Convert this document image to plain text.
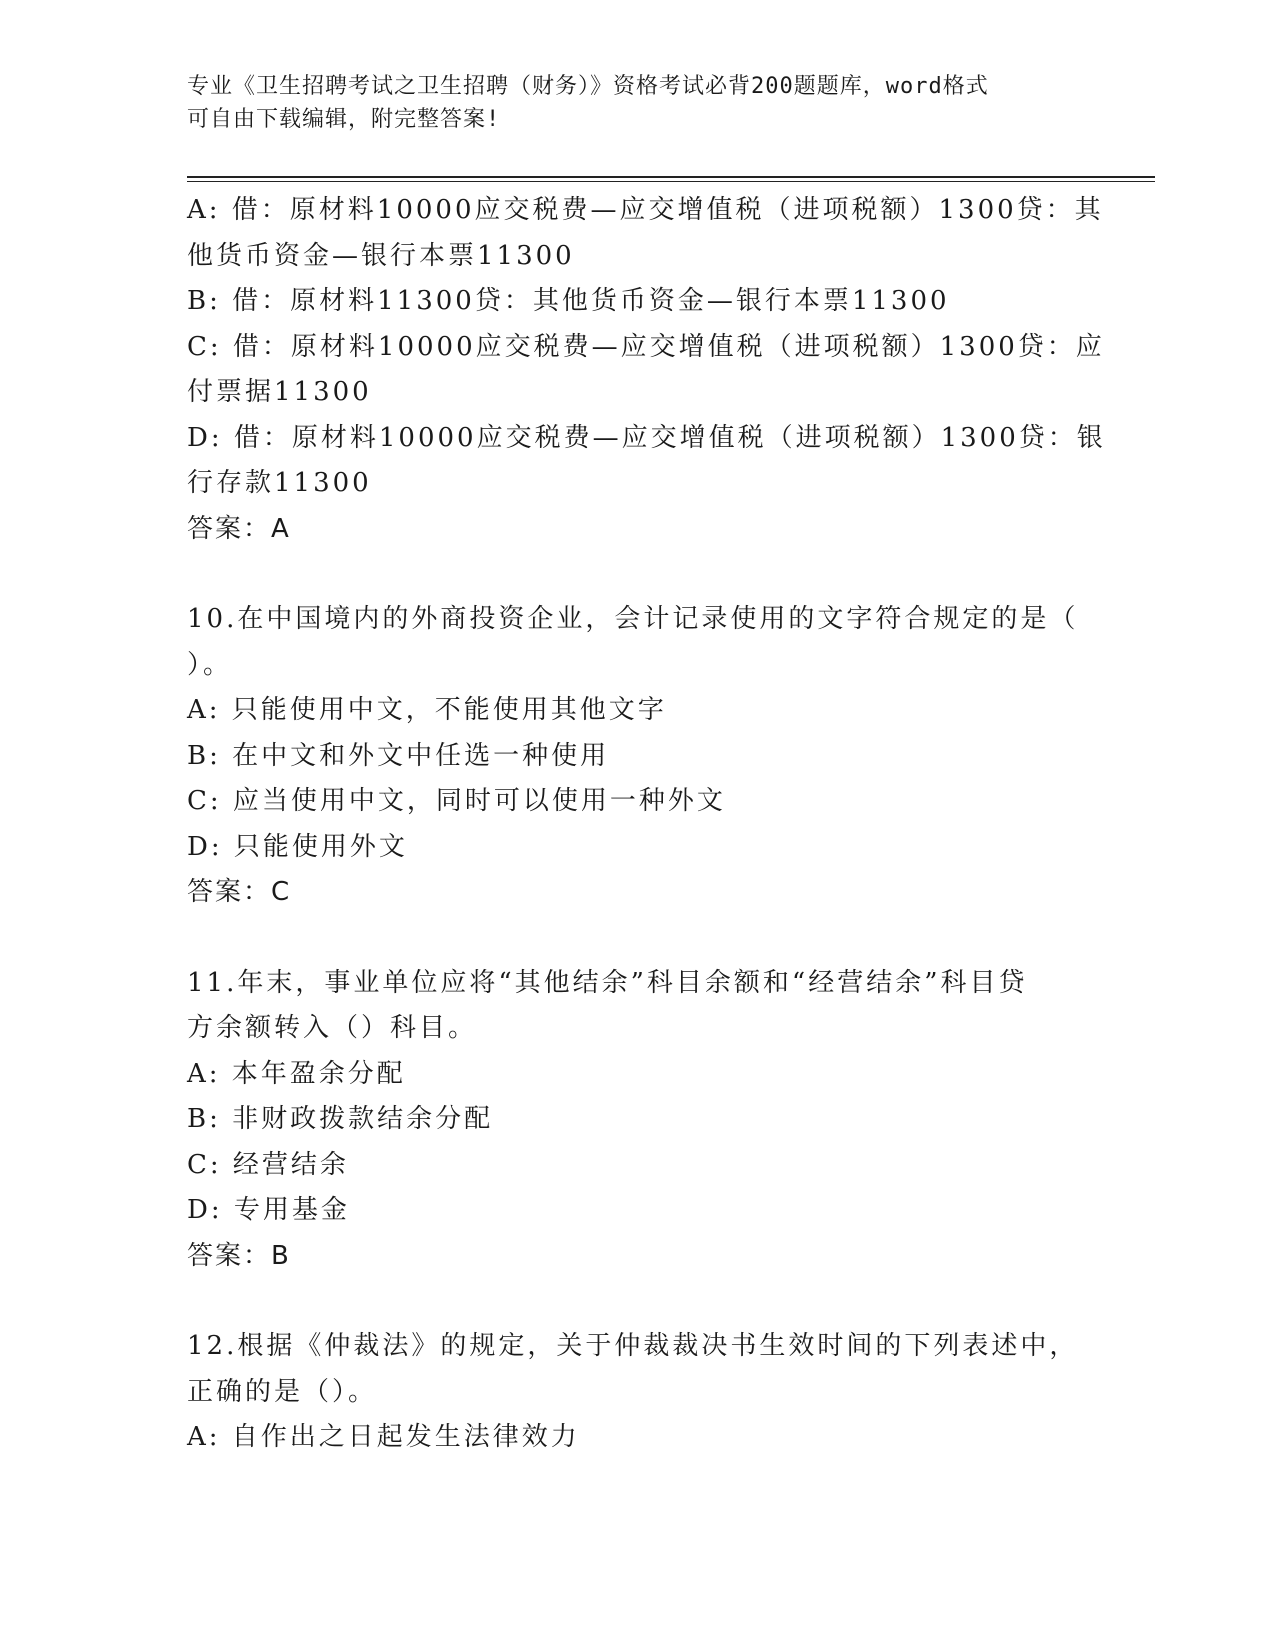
专业《卫生招聘考试之卫生招聘（财务）》资格考试必背200题题库，word格式
可自由下载编辑，附完整答案!
A: 借：原材料10000应交税费—应交增值税（进项税额）1300贷：其
他货币资金—银行本票11300
B: 借：原材料11300贷：其他货币资金—银行本票11300
C: 借：原材料10000应交税费—应交增值税（进项税额）1300贷：应
付票据11300
D: 借：原材料10000应交税费—应交增值税（进项税额）1300贷：银
行存款11300
答案：A
10.在中国境内的外商投资企业，会计记录使用的文字符合规定的是（
）。
A: 只能使用中文，不能使用其他文字
B: 在中文和外文中任选一种使用
C: 应当使用中文，同时可以使用一种外文
D: 只能使用外文
答案：C
11.年末，事业单位应将“其他结余”科目余额和“经营结余”科目贷
方余额转入（）科目。
A: 本年盈余分配
B: 非财政拨款结余分配
C: 经营结余
D: 专用基金
答案：B
12.根据《仲裁法》的规定，关于仲裁裁决书生效时间的下列表述中，
正确的是（）。
A: 自作出之日起发生法律效力
